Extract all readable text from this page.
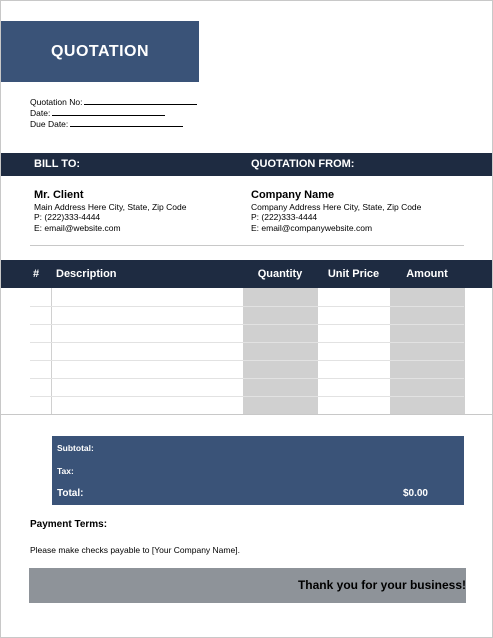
QUOTATION
Quotation No:
Date:
Due Date:
BILL TO:	QUOTATION FROM:
Mr. Client
Main Address Here City, State, Zip Code
P: (222)333-4444
E: email@website.com
Company Name
Company Address Here City, State, Zip Code
P: (222)333-4444
E: email@companywebsite.com
# Description	Quantity	Unit Price	Amount
Subtotal:
Tax:
Total:	$0.00
Payment Terms:
Please make checks payable to [Your Company Name].
Thank you for your business!
